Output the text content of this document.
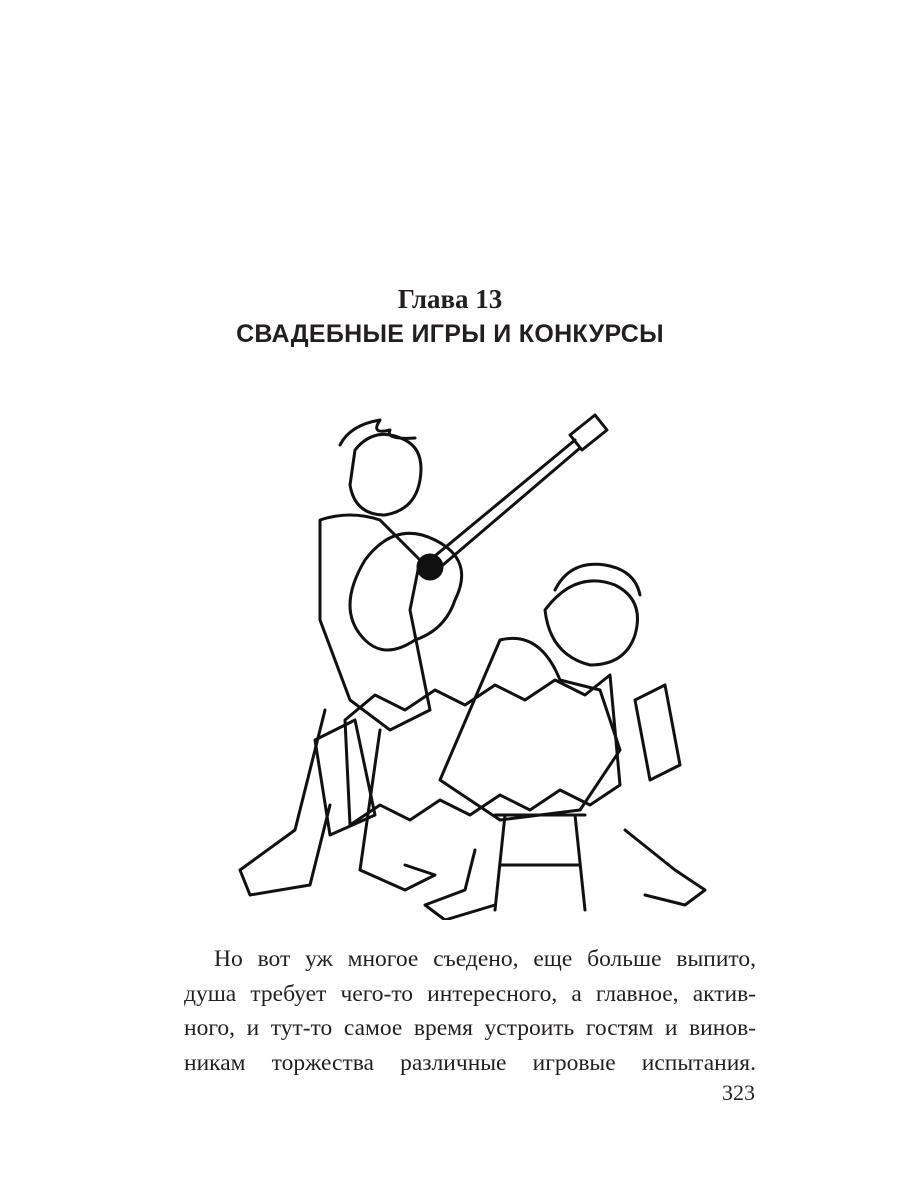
Глава 13
СВАДЕБНЫЕ ИГРЫ И КОНКУРСЫ
Но вот уж многое съедено, еще больше выпито,
душа требует чего-то интересного, а главное, актив-
ного, и тут-то самое время устроить гостям и винов-
никам торжества различные игровые испытания.
323
